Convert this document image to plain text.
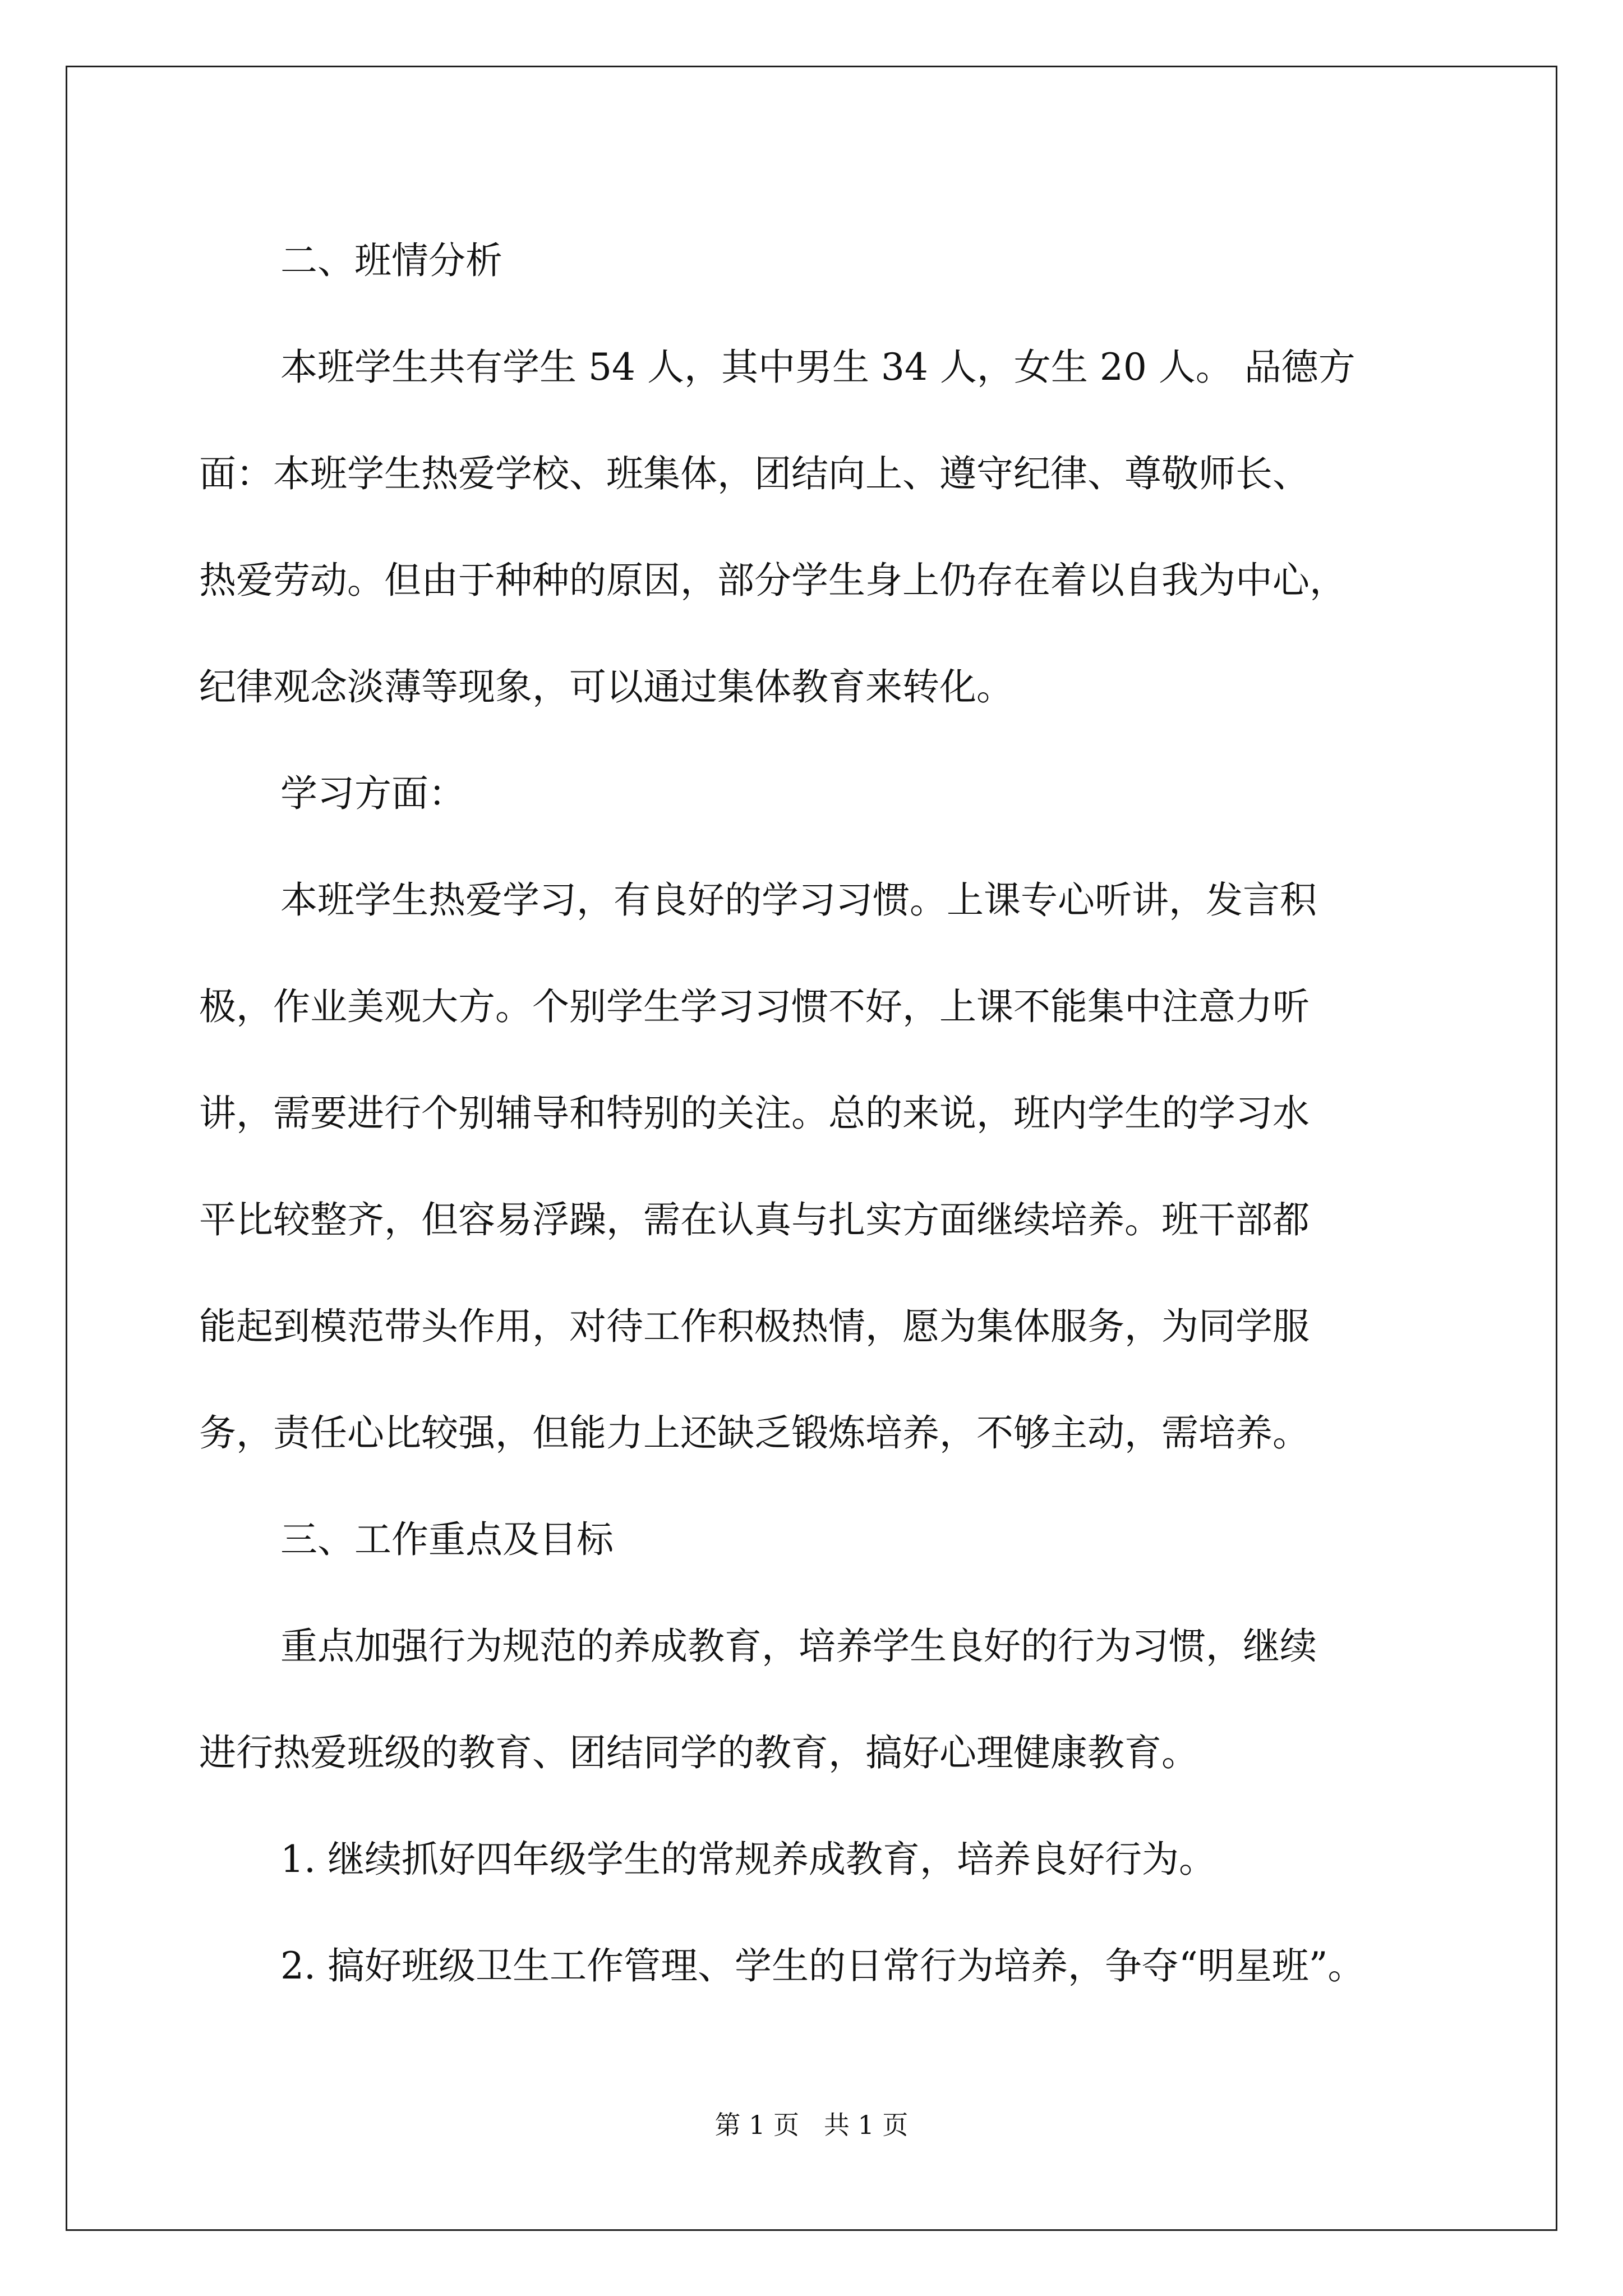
二、班情分析
本班学生共有学生 54 人，其中男生 34 人，女生 20 人。 品德方
面：本班学生热爱学校、班集体，团结向上、遵守纪律、尊敬师长、
热爱劳动。但由于种种的原因，部分学生身上仍存在着以自我为中心，
纪律观念淡薄等现象，可以通过集体教育来转化。
学习方面：
本班学生热爱学习，有良好的学习习惯。上课专心听讲，发言积
极，作业美观大方。个别学生学习习惯不好，上课不能集中注意力听
讲，需要进行个别辅导和特别的关注。总的来说，班内学生的学习水
平比较整齐，但容易浮躁，需在认真与扎实方面继续培养。班干部都
能起到模范带头作用，对待工作积极热情，愿为集体服务，为同学服
务，责任心比较强，但能力上还缺乏锻炼培养，不够主动，需培养。
三、工作重点及目标
重点加强行为规范的养成教育，培养学生良好的行为习惯，继续
进行热爱班级的教育、团结同学的教育，搞好心理健康教育。
1. 继续抓好四年级学生的常规养成教育，培养良好行为。
2. 搞好班级卫生工作管理、学生的日常行为培养，争夺“明星班”。
第 1 页   共 1 页
